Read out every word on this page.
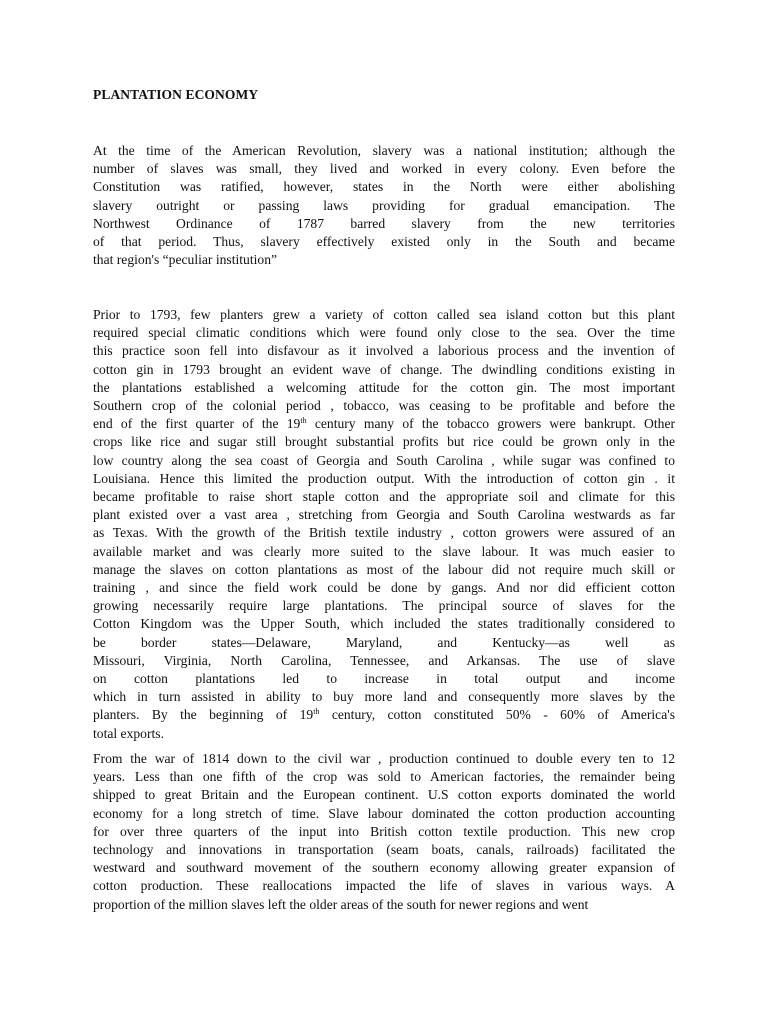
PLANTATION ECONOMY

At the time of the American Revolution, slavery was a national institution; although the
number of slaves was small, they lived and worked in every colony. Even before the
Constitution was ratified, however, states in the North were either abolishing
slavery outright or passing laws providing for gradual emancipation. The
Northwest Ordinance of 1787 barred slavery from the new territories
of that period. Thus, slavery effectively existed only in the South and became
that region's “peculiar institution”

Prior to 1793, few planters grew a variety of cotton called sea island cotton but this plant
required special climatic conditions which were found only close to the sea. Over the time
this practice soon fell into disfavour as it involved a laborious process and the invention of
cotton gin in 1793 brought an evident wave of change. The dwindling conditions existing in
the plantations established a welcoming attitude for the cotton gin. The most important
Southern crop of the colonial period , tobacco, was ceasing to be profitable and before the
end of the first quarter of the 19th century many of the tobacco growers were bankrupt. Other
crops like rice and sugar still brought substantial profits but rice could be grown only in the
low country along the sea coast of Georgia and South Carolina , while sugar was confined to
Louisiana. Hence this limited the production output. With the introduction of cotton gin . it
became profitable to raise short staple cotton and the appropriate soil and climate for this
plant existed over a vast area , stretching from Georgia and South Carolina westwards as far
as Texas. With the growth of the British textile industry , cotton growers were assured of an
available market and was clearly more suited to the slave labour. It was much easier to
manage the slaves on cotton plantations as most of the labour did not require much skill or
training , and since the field work could be done by gangs. And nor did efficient cotton
growing necessarily require large plantations. The principal source of slaves for the
Cotton Kingdom was the Upper South, which included the states traditionally considered to
be border states—Delaware, Maryland, and Kentucky—as well as
Missouri, Virginia, North Carolina, Tennessee, and Arkansas. The use of slave
on cotton plantations led to increase in total output and income
which in turn assisted in ability to buy more land and consequently more slaves by the
planters. By the beginning of 19th century, cotton constituted 50% - 60% of America's
total exports.

From the war of 1814 down to the civil war , production continued to double every ten to 12
years. Less than one fifth of the crop was sold to American factories, the remainder being
shipped to great Britain and the European continent. U.S cotton exports dominated the world
economy for a long stretch of time. Slave labour dominated the cotton production accounting
for over three quarters of the input into British cotton textile production. This new crop
technology and innovations in transportation (seam boats, canals, railroads) facilitated the
westward and southward movement of the southern economy allowing greater expansion of
cotton production. These reallocations impacted the life of slaves in various ways. A
proportion of the million slaves left the older areas of the south for newer regions and went
